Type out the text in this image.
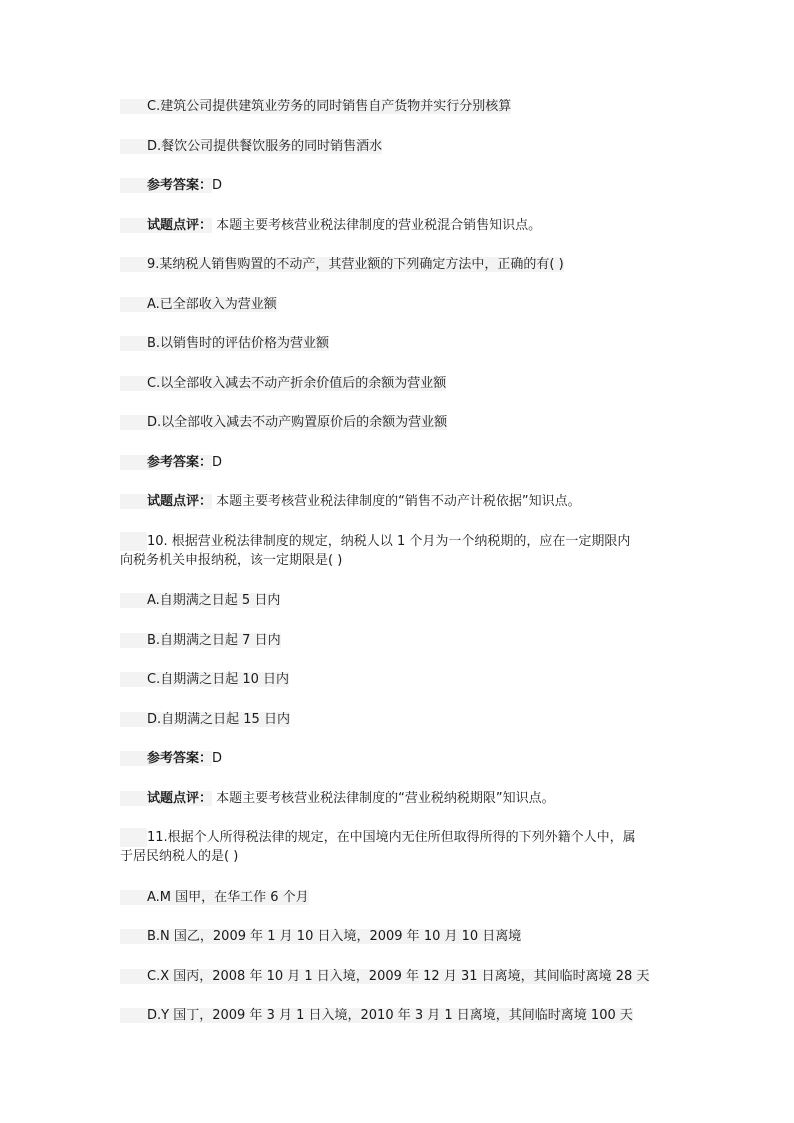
C.建筑公司提供建筑业劳务的同时销售自产货物并实行分别核算
D.餐饮公司提供餐饮服务的同时销售酒水
参考答案：D
试题点评： 本题主要考核营业税法律制度的营业税混合销售知识点。
9.某纳税人销售购置的不动产，其营业额的下列确定方法中，正确的有( )
A.已全部收入为营业额
B.以销售时的评估价格为营业额
C.以全部收入减去不动产折余价值后的余额为营业额
D.以全部收入减去不动产购置原价后的余额为营业额
参考答案：D
试题点评： 本题主要考核营业税法律制度的“销售不动产计税依据”知识点。
10. 根据营业税法律制度的规定，纳税人以 1 个月为一个纳税期的，应在一定期限内
向税务机关申报纳税，该一定期限是( )
A.自期满之日起 5 日内
B.自期满之日起 7 日内
C.自期满之日起 10 日内
D.自期满之日起 15 日内
参考答案：D
试题点评： 本题主要考核营业税法律制度的“营业税纳税期限”知识点。
11.根据个人所得税法律的规定，在中国境内无住所但取得所得的下列外籍个人中，属
于居民纳税人的是( )
A.M 国甲，在华工作 6 个月
B.N 国乙，2009 年 1 月 10 日入境，2009 年 10 月 10 日离境
C.X 国丙，2008 年 10 月 1 日入境，2009 年 12 月 31 日离境，其间临时离境 28 天
D.Y 国丁，2009 年 3 月 1 日入境，2010 年 3 月 1 日离境，其间临时离境 100 天
